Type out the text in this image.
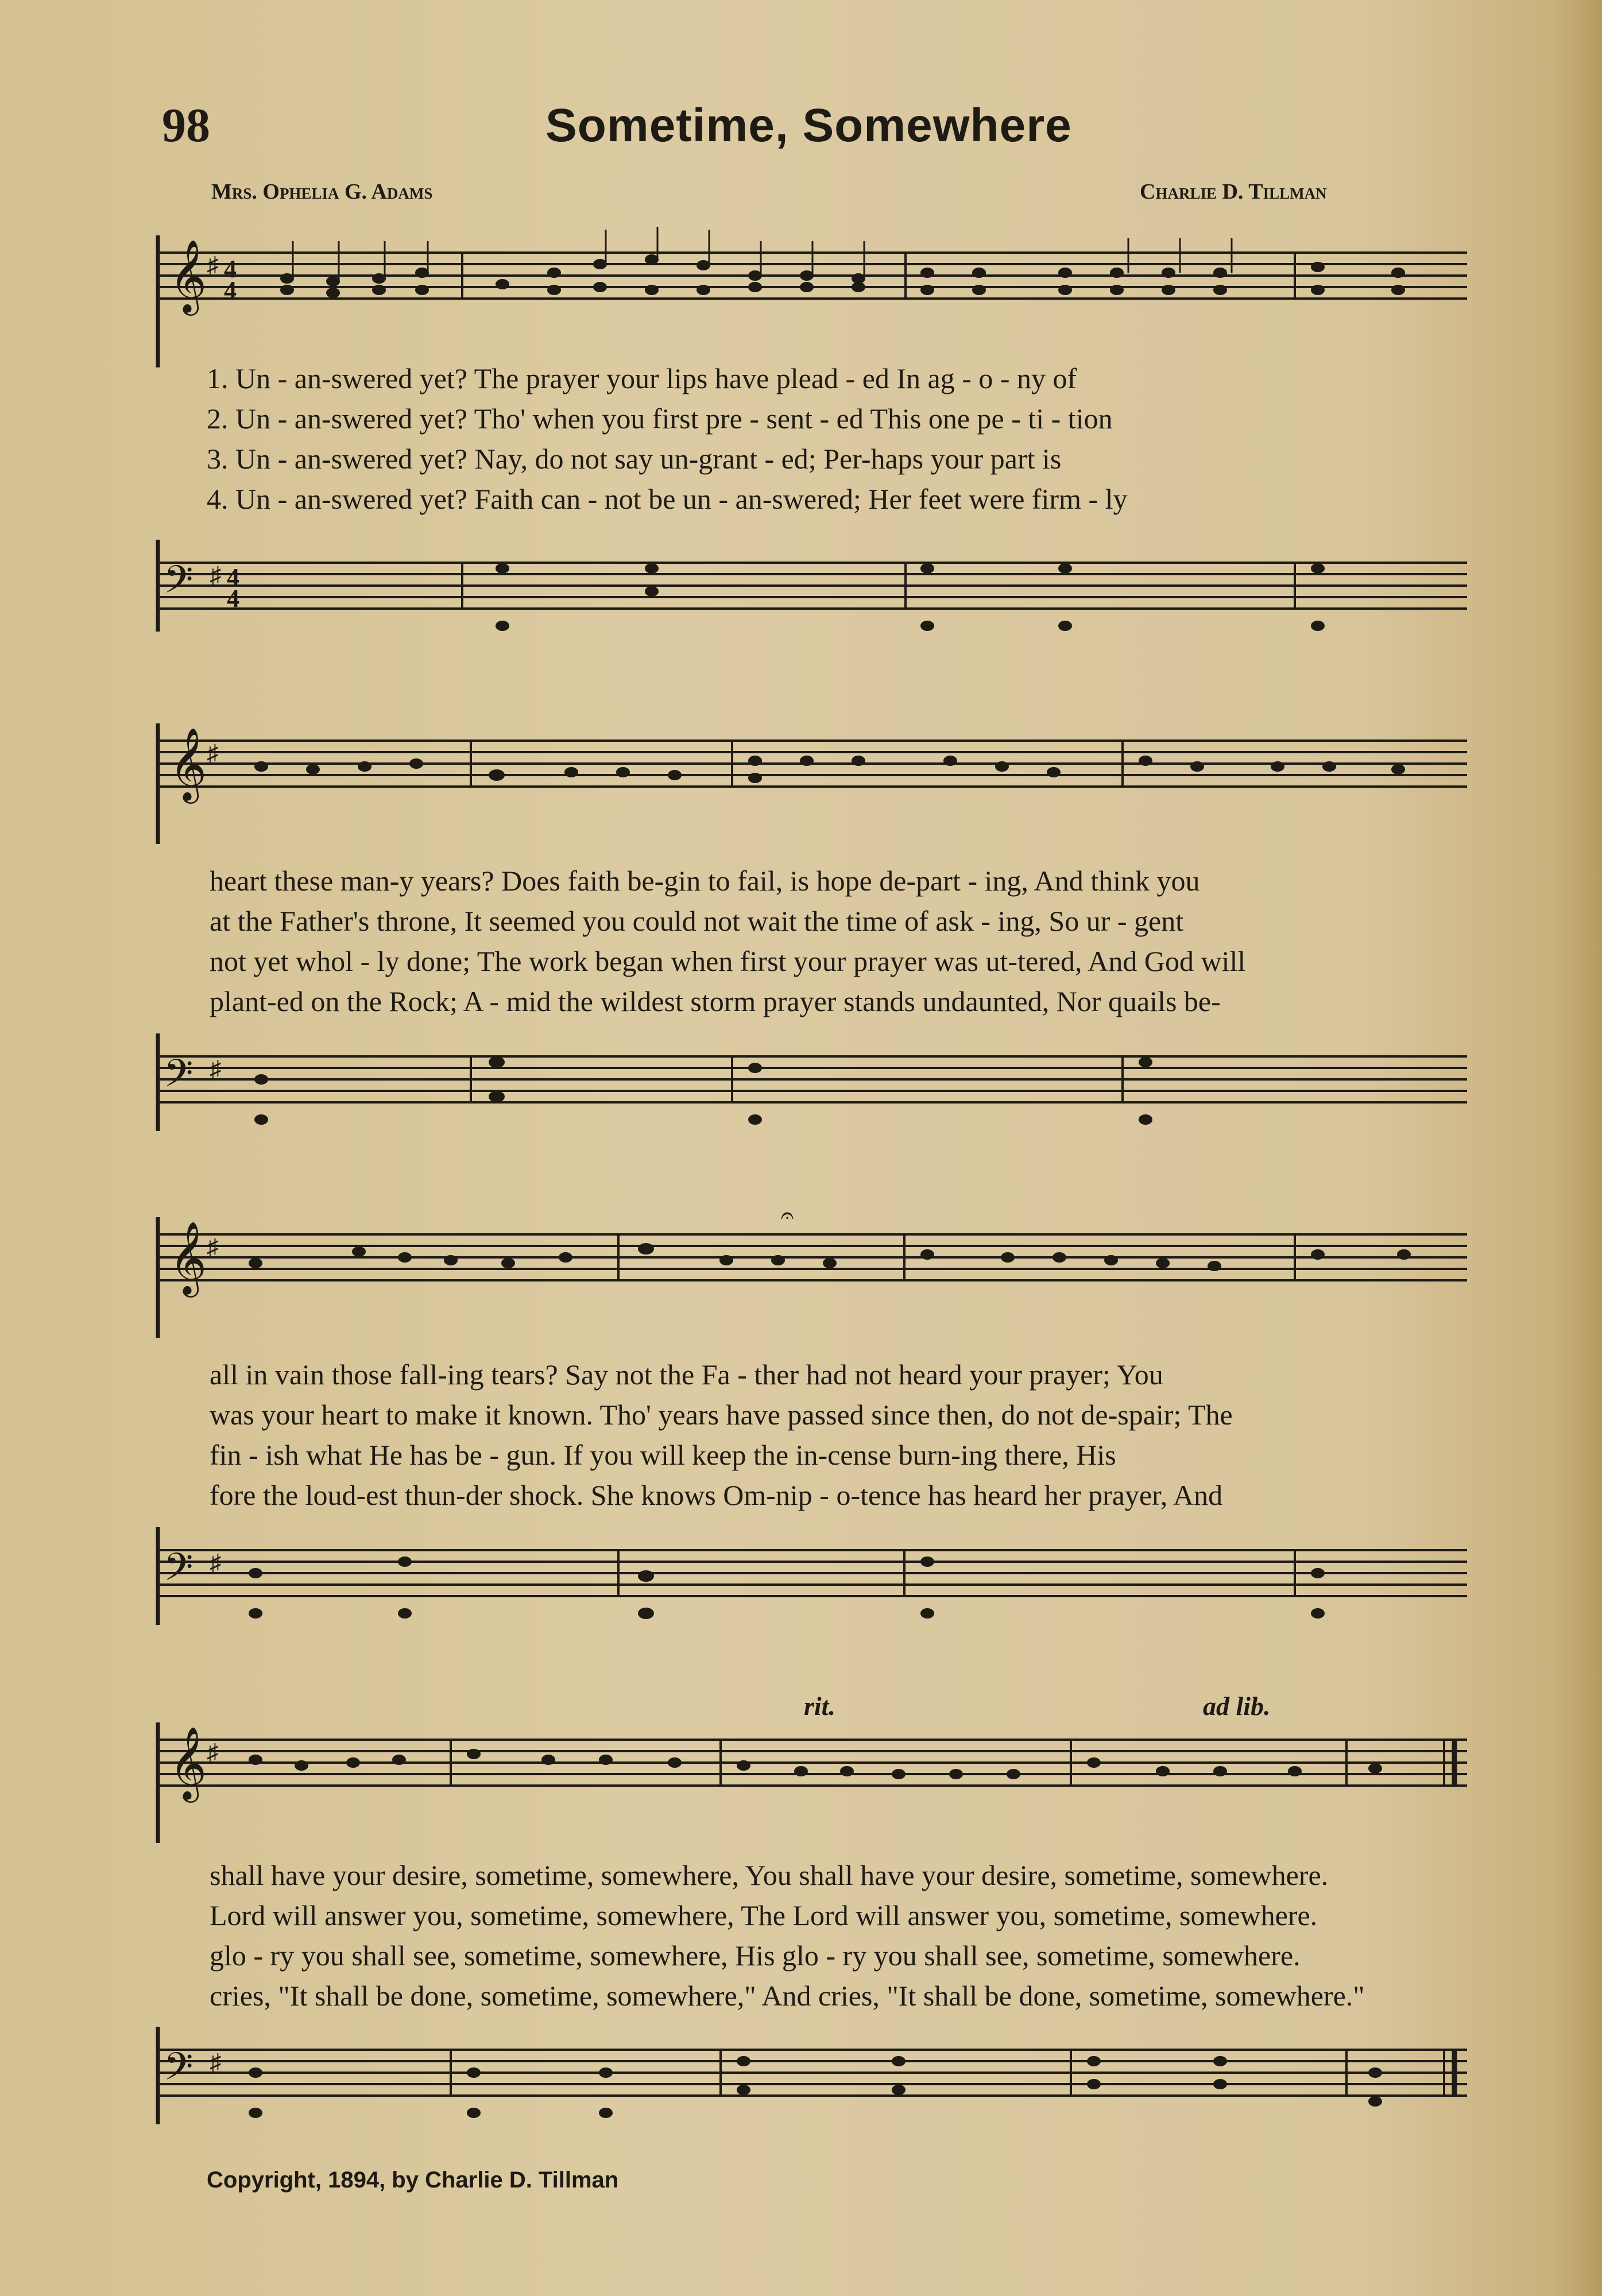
98	Sometime, Somewhere
Mrs. Ophelia G. Adams	Charlie D. Tillman
𝄞 ♯ 4
4
1. Un - an-swered yet? The prayer your lips have plead - ed In ag - o - ny of
2. Un - an-swered yet? Tho' when you first pre - sent - ed This one pe - ti - tion
3. Un - an-swered yet? Nay, do not say un-grant - ed; Per-haps your part is
4. Un - an-swered yet? Faith can - not be un - an-swered; Her feet were firm - ly
𝄢 ♯ 4
4
𝄞 ♯
heart these man-y years? Does faith be-gin to fail, is hope de-part - ing, And think you
at the Father's throne, It seemed you could not wait the time of ask - ing, So ur - gent
not yet whol - ly done; The work began when first your prayer was ut-tered, And God will
plant-ed on the Rock; A - mid the wildest storm prayer stands undaunted, Nor quails be-
𝄢 ♯
𝄞 ♯
𝄐
all in vain those fall-ing tears? Say not the Fa - ther had not heard your prayer; You
was your heart to make it known. Tho' years have passed since then, do not de-spair; The
fin - ish what He has be - gun. If you will keep the in-cense burn-ing there, His
fore the loud-est thun-der shock. She knows Om-nip - o-tence has heard her prayer, And
𝄢 ♯
rit.	ad lib.
𝄞 ♯
shall have your desire, sometime, somewhere, You shall have your desire, sometime, somewhere.
Lord will answer you, sometime, somewhere, The Lord will answer you, sometime, somewhere.
glo - ry you shall see, sometime, somewhere, His glo - ry you shall see, sometime, somewhere.
cries, "It shall be done, sometime, somewhere," And cries, "It shall be done, sometime, somewhere."
𝄢 ♯
Copyright, 1894, by Charlie D. Tillman
